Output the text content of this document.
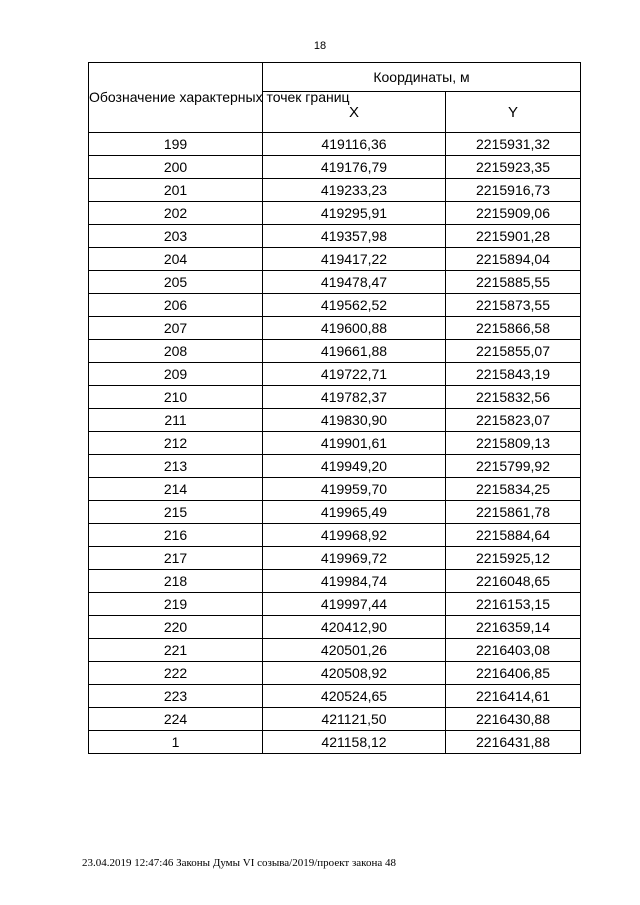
18
Обозначение характерных точек границ	Координаты, м	
	X	Y
199	419116,36	2215931,32
200	419176,79	2215923,35
201	419233,23	2215916,73
202	419295,91	2215909,06
203	419357,98	2215901,28
204	419417,22	2215894,04
205	419478,47	2215885,55
206	419562,52	2215873,55
207	419600,88	2215866,58
208	419661,88	2215855,07
209	419722,71	2215843,19
210	419782,37	2215832,56
211	419830,90	2215823,07
212	419901,61	2215809,13
213	419949,20	2215799,92
214	419959,70	2215834,25
215	419965,49	2215861,78
216	419968,92	2215884,64
217	419969,72	2215925,12
218	419984,74	2216048,65
219	419997,44	2216153,15
220	420412,90	2216359,14
221	420501,26	2216403,08
222	420508,92	2216406,85
223	420524,65	2216414,61
224	421121,50	2216430,88
1	421158,12	2216431,88
23.04.2019 12:47:46 Законы Думы VI созыва/2019/проект закона 48
